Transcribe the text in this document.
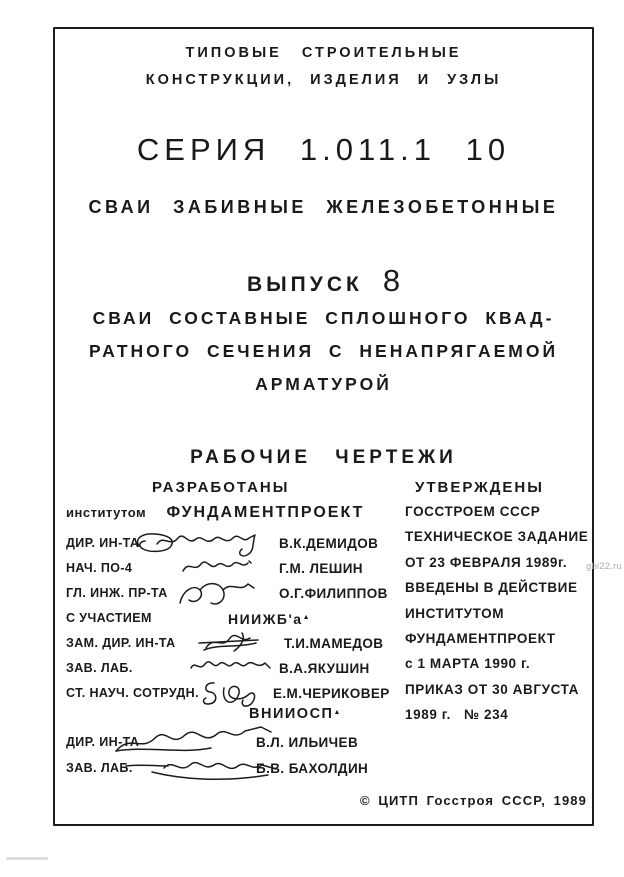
ТИПОВЫЕ СТРОИТЕЛЬНЫЕ
КОНСТРУКЦИИ, ИЗДЕЛИЯ И УЗЛЫ
СЕРИЯ 1.011.1 10
СВАИ ЗАБИВНЫЕ ЖЕЛЕЗОБЕТОННЫЕ
ВЫПУСК 8
СВАИ СОСТАВНЫЕ СПЛОШНОГО КВАД-
РАТНОГО СЕЧЕНИЯ С НЕНАПРЯГАЕМОЙ
АРМАТУРОЙ
РАБОЧИЕ ЧЕРТЕЖИ
РАЗРАБОТАНЫ	УТВЕРЖДЕНЫ
институтом ФУНДАМЕНТПРОЕКТ
ДИР. ИН-ТА	В.К.ДЕМИДОВ
НАЧ. ПО-4	Г.М. ЛЕШИН
ГЛ. ИНЖ. ПР-ТА	О.Г.ФИЛИППОВ
С УЧАСТИЕМ	НИИЖБ'а▲
ЗАМ. ДИР. ИН-ТА	Т.И.МАМЕДОВ
ЗАВ. ЛАБ.	В.А.ЯКУШИН
СТ. НАУЧ. СОТРУДН.	Е.М.ЧЕРИКОВЕР
ВНИИОСП▲
ДИР. ИН-ТА	В.Л. ИЛЬИЧЕВ
ЗАВ. ЛАБ.	Б.В. БАХОЛДИН
ГОССТРОЕМ СССР
ТЕХНИЧЕСКОЕ ЗАДАНИЕ
ОТ 23 ФЕВРАЛЯ 1989г.
ВВЕДЕНЫ В ДЕЙСТВИЕ
ИНСТИТУТОМ
ФУНДАМЕНТПРОЕКТ
с 1 МАРТА 1990 г.
ПРИКАЗ ОТ 30 АВГУСТА
1989 г.   № 234
© ЦИТП Госстроя СССР, 1989
gbi22.ru
